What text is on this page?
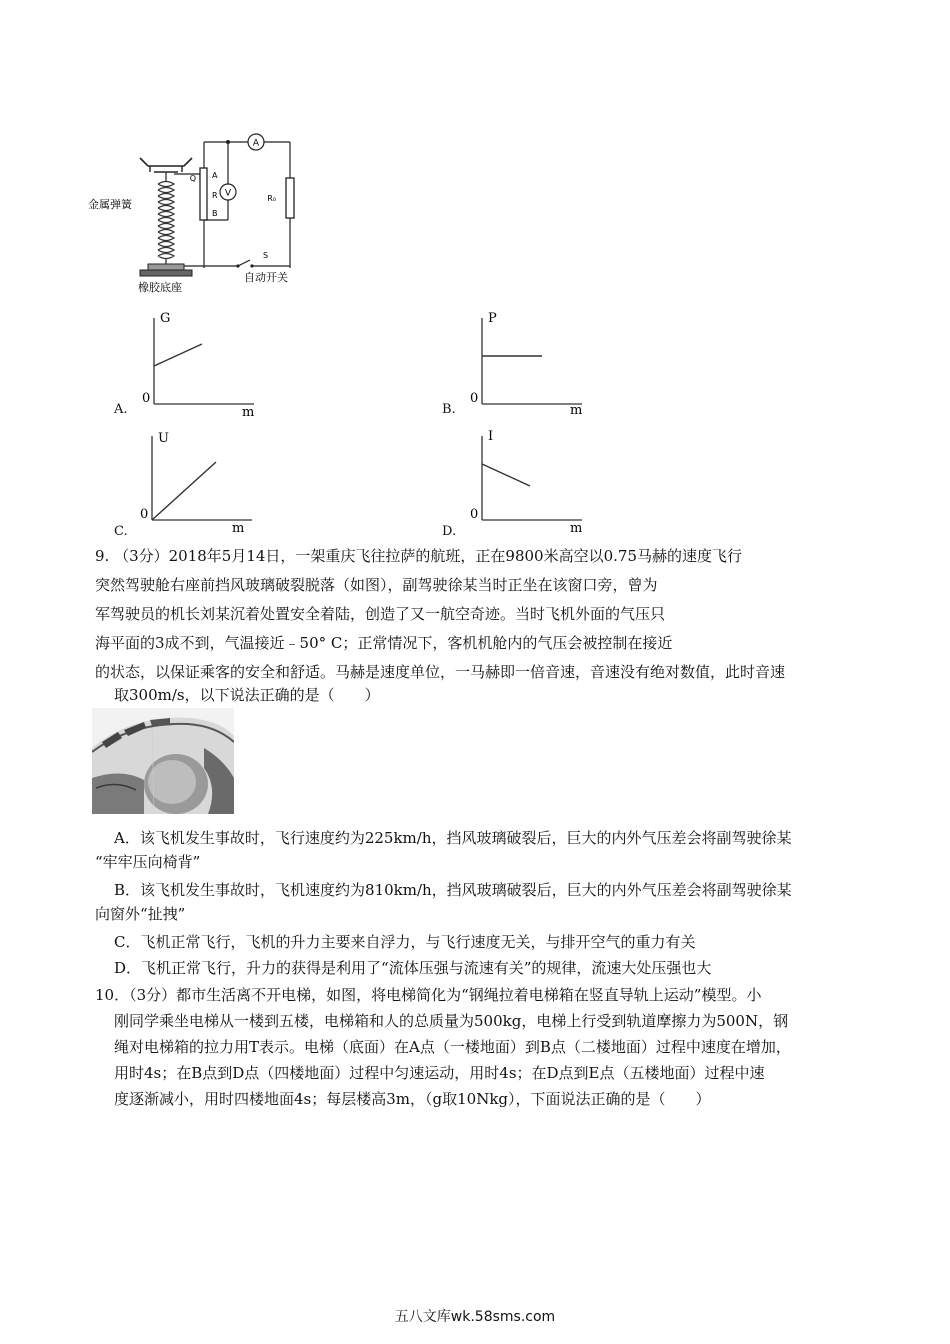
Q A
R
B
A
R₀
V
S
金属弹簧
橡胶底座
自动开关
A.
G
0
m	B.
P
0
m
C.
U
0
m	D.
I
0
m
9. （3分）2018年5月14日，一架重庆飞往拉萨的航班，正在9800米高空以0.75马赫的速度飞行
突然驾驶舱右座前挡风玻璃破裂脱落（如图），副驾驶徐某当时正坐在该窗口旁，曾为
军驾驶员的机长刘某沉着处置安全着陆，创造了又一航空奇迹。当时飞机外面的气压只
海平面的3成不到，气温接近﹣50° C；正常情况下，客机机舱内的气压会被控制在接近
的状态，以保证乘客的安全和舒适。马赫是速度单位，一马赫即一倍音速，音速没有绝对数值，此时音速
取300m/s，以下说法正确的是（　　）
A．该飞机发生事故时，飞行速度约为225km/h，挡风玻璃破裂后，巨大的内外气压差会将副驾驶徐某
“牢牢压向椅背”
B．该飞机发生事故时，飞机速度约为810km/h，挡风玻璃破裂后，巨大的内外气压差会将副驾驶徐某
向窗外“扯拽”
C．飞机正常飞行，飞机的升力主要来自浮力，与飞行速度无关，与排开空气的重力有关
D．飞机正常飞行，升力的获得是利用了“流体压强与流速有关”的规律，流速大处压强也大
10．（3分）都市生活离不开电梯，如图，将电梯简化为“钢绳拉着电梯箱在竖直导轨上运动”模型。小
刚同学乘坐电梯从一楼到五楼，电梯箱和人的总质量为500kg，电梯上行受到轨道摩擦力为500N，钢
绳对电梯箱的拉力用T表示。电梯（底面）在A点（一楼地面）到B点（二楼地面）过程中速度在增加，
用时4s；在B点到D点（四楼地面）过程中匀速运动，用时4s；在D点到E点（五楼地面）过程中速
度逐渐减小，用时四楼地面4s；每层楼高3m，（g取10Nkg），下面说法正确的是（　　）
五八文库wk.58sms.com
